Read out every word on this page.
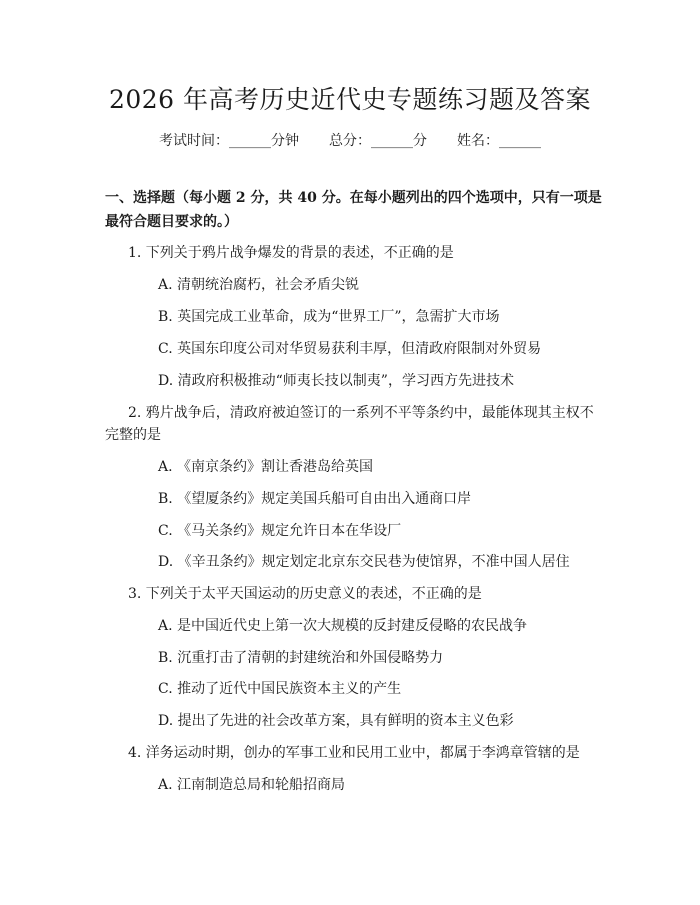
2026 年高考历史近代史专题练习题及答案
考试时间：______分钟 总分：______分 姓名：______
一、选择题（每小题 2 分，共 40 分。在每小题列出的四个选项中，只有一项是最符合题目要求的。）
1. 下列关于鸦片战争爆发的背景的表述，不正确的是
A. 清朝统治腐朽，社会矛盾尖锐
B. 英国完成工业革命，成为“世界工厂”，急需扩大市场
C. 英国东印度公司对华贸易获利丰厚，但清政府限制对外贸易
D. 清政府积极推动“师夷长技以制夷”，学习西方先进技术
2. 鸦片战争后，清政府被迫签订的一系列不平等条约中，最能体现其主权不
完整的是
A. 《南京条约》割让香港岛给英国
B. 《望厦条约》规定美国兵船可自由出入通商口岸
C. 《马关条约》规定允许日本在华设厂
D. 《辛丑条约》规定划定北京东交民巷为使馆界，不准中国人居住
3. 下列关于太平天国运动的历史意义的表述，不正确的是
A. 是中国近代史上第一次大规模的反封建反侵略的农民战争
B. 沉重打击了清朝的封建统治和外国侵略势力
C. 推动了近代中国民族资本主义的产生
D. 提出了先进的社会改革方案，具有鲜明的资本主义色彩
4. 洋务运动时期，创办的军事工业和民用工业中，都属于李鸿章管辖的是
A. 江南制造总局和轮船招商局
